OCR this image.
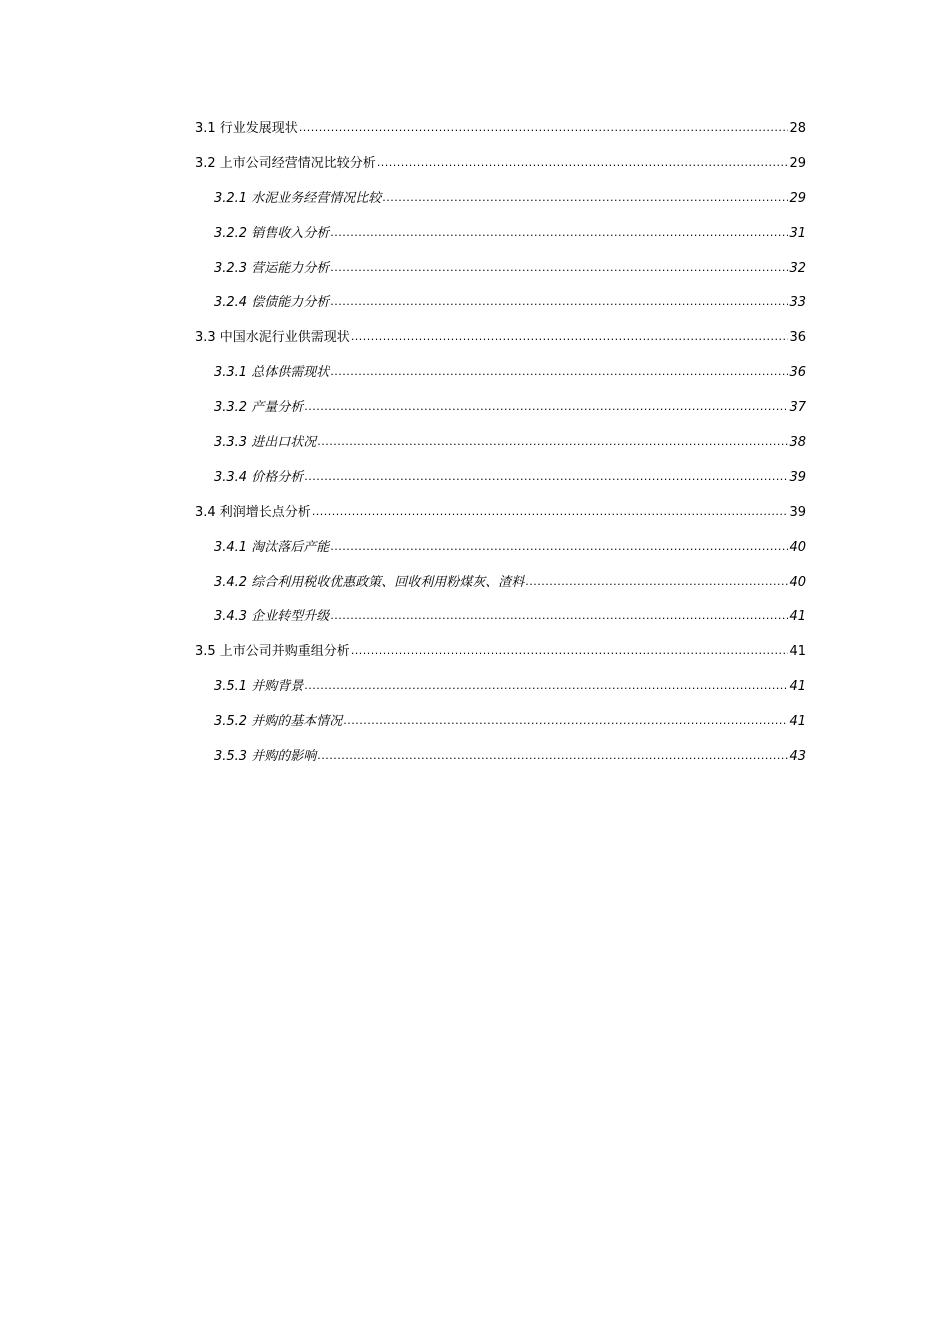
3.1 行业发展现状 .....	28
3.2 上市公司经营情况比较分析 .....	29
3.2.1 水泥业务经营情况比较 .....	29
3.2.2 销售收入分析 .....	31
3.2.3 营运能力分析 .....	32
3.2.4 偿债能力分析 .....	33
3.3 中国水泥行业供需现状 .....	36
3.3.1 总体供需现状 .....	36
3.3.2 产量分析 .....	37
3.3.3 进出口状况 .....	38
3.3.4 价格分析 .....	39
3.4 利润增长点分析 .....	39
3.4.1 淘汰落后产能 .....	40
3.4.2 综合利用税收优惠政策、回收利用粉煤灰、渣料 .....	40
3.4.3 企业转型升级 .....	41
3.5 上市公司并购重组分析 .....	41
3.5.1 并购背景 .....	41
3.5.2 并购的基本情况 .....	41
3.5.3 并购的影响 .....	43
